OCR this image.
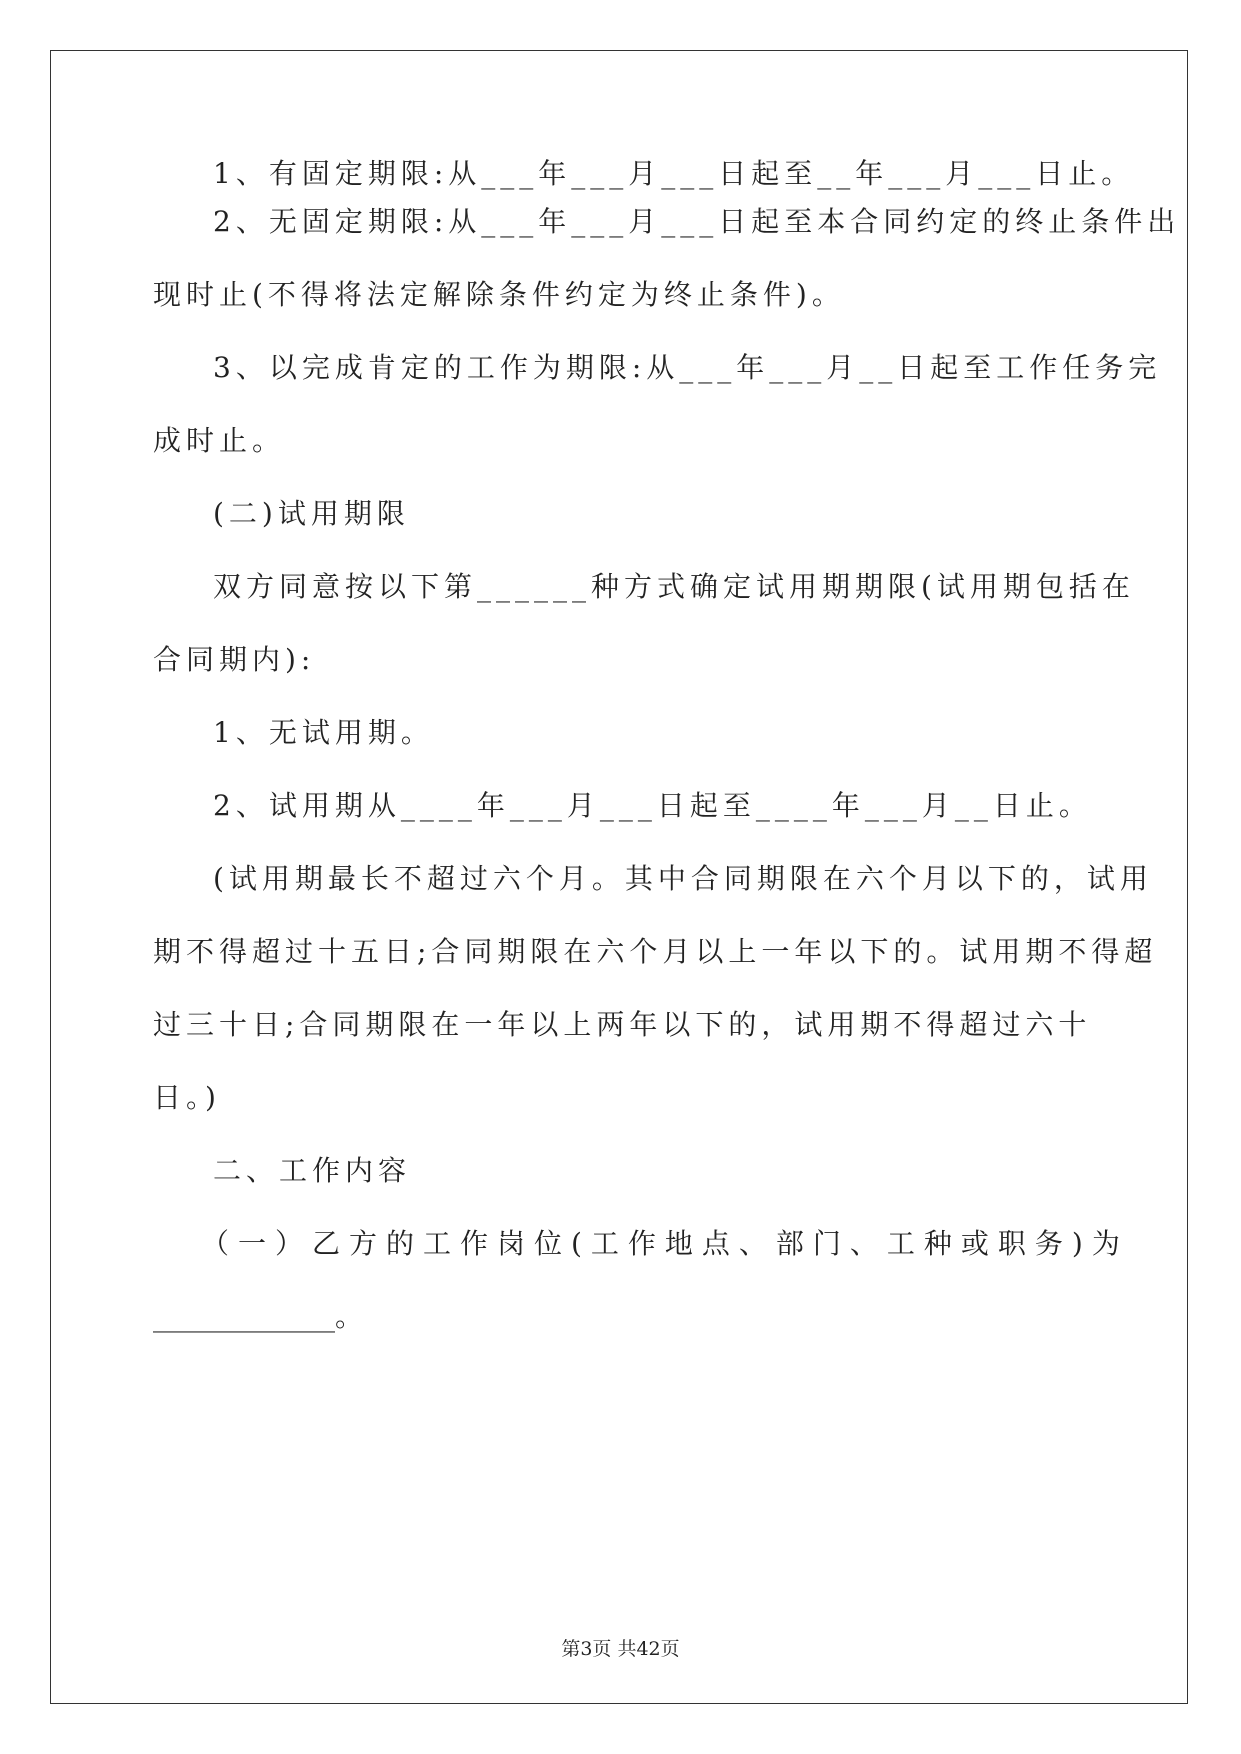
1、有固定期限:从___年___月___日起至__年___月___日止。

2、无固定期限:从___年___月___日起至本合同约定的终止条件出

现时止(不得将法定解除条件约定为终止条件)。

3、以完成肯定的工作为期限:从___年___月__日起至工作任务完

成时止。

(二)试用期限

双方同意按以下第______种方式确定试用期期限(试用期包括在

合同期内):

1、无试用期。

2、试用期从____年___月___日起至____年___月__日止。

(试用期最长不超过六个月。其中合同期限在六个月以下的，试用

期不得超过十五日;合同期限在六个月以上一年以下的。试用期不得超

过三十日;合同期限在一年以上两年以下的，试用期不得超过六十

日。)

二、工作内容

（一）乙方的工作岗位(工作地点、部门、工种或职务)为

_____________。

第3页 共42页
